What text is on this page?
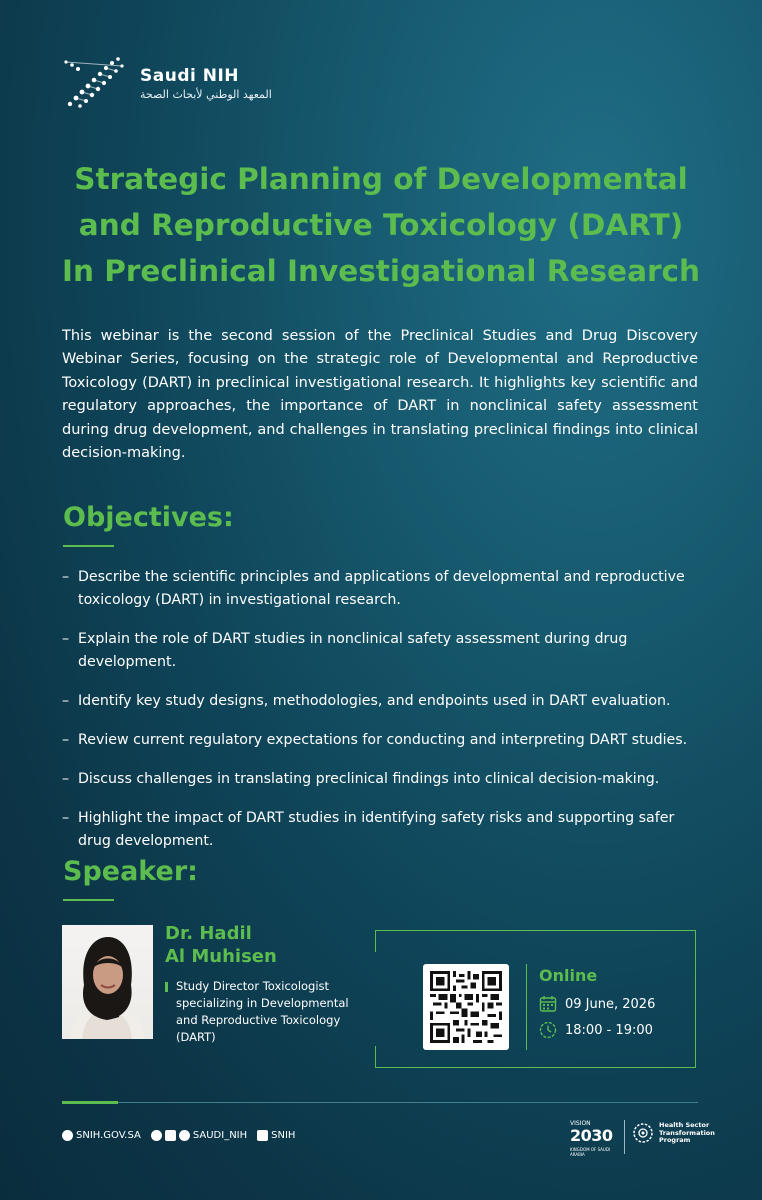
Saudi NIH
المعهد الوطني لأبحاث الصحة
Strategic Planning of Developmental
and Reproductive Toxicology (DART)
In Preclinical Investigational Research

This webinar is the second session of the Preclinical Studies and Drug Discovery Webinar Series, focusing on the strategic role of Developmental and Reproductive Toxicology (DART) in preclinical investigational research. It highlights key scientific and regulatory approaches, the importance of DART in nonclinical safety assessment during drug development, and challenges in translating preclinical findings into clinical decision-making.

Objectives:
– Describe the scientific principles and applications of developmental and reproductive toxicology (DART) in investigational research.
– Explain the role of DART studies in nonclinical safety assessment during drug development.
– Identify key study designs, methodologies, and endpoints used in DART evaluation.
– Review current regulatory expectations for conducting and interpreting DART studies.
– Discuss challenges in translating preclinical findings into clinical decision-making.
– Highlight the impact of DART studies in identifying safety risks and supporting safer drug development.
Speaker:
Dr. Hadil
Al Muhisen
Study Director Toxicologist specializing in Developmental and Reproductive Toxicology (DART)
Online
09 June, 2026
18:00 - 19:00
SNIH.GOV.SA	SAUDI_NIH SNIH
VISION
2030
KINGDOM OF SAUDI ARABIA
Health Sector
Transformation
Program
